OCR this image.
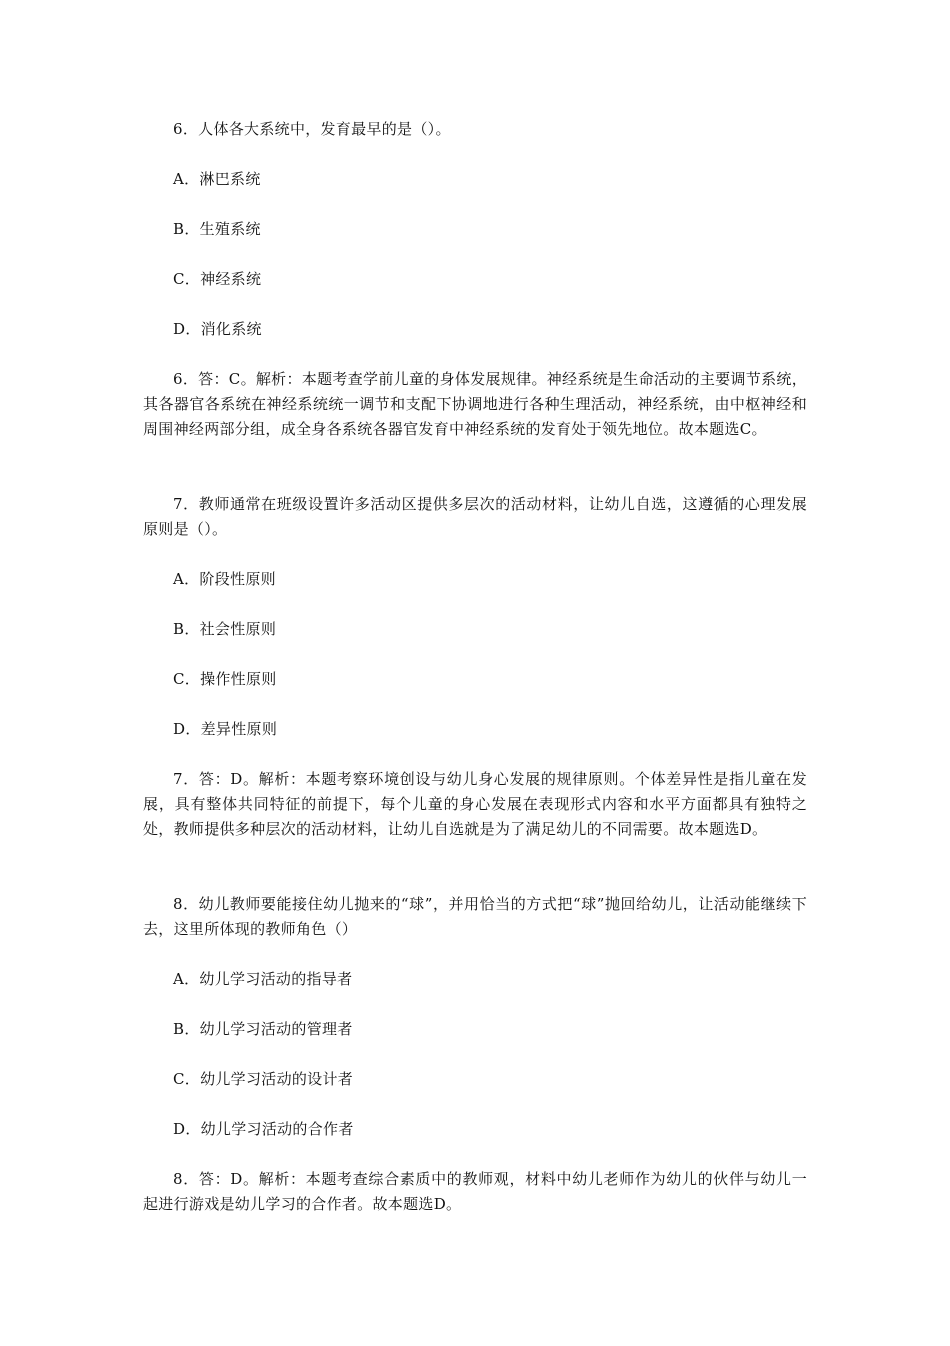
6．人体各大系统中，发育最早的是（）。
A．淋巴系统
B．生殖系统
C．神经系统
D．消化系统
6．答：C。解析：本题考查学前儿童的身体发展规律。神经系统是生命活动的主要调节系统，其各器官各系统在神经系统统一调节和支配下协调地进行各种生理活动，神经系统，由中枢神经和周围神经两部分组，成全身各系统各器官发育中神经系统的发育处于领先地位。故本题选C。
7．教师通常在班级设置许多活动区提供多层次的活动材料，让幼儿自选，这遵循的心理发展原则是（）。
A．阶段性原则
B．社会性原则
C．操作性原则
D．差异性原则
7．答：D。解析：本题考察环境创设与幼儿身心发展的规律原则。个体差异性是指儿童在发展，具有整体共同特征的前提下，每个儿童的身心发展在表现形式内容和水平方面都具有独特之处，教师提供多种层次的活动材料，让幼儿自选就是为了满足幼儿的不同需要。故本题选D。
8．幼儿教师要能接住幼儿抛来的“球”，并用恰当的方式把“球”抛回给幼儿，让活动能继续下去，这里所体现的教师角色（）
A．幼儿学习活动的指导者
B．幼儿学习活动的管理者
C．幼儿学习活动的设计者
D．幼儿学习活动的合作者
8．答：D。解析：本题考查综合素质中的教师观，材料中幼儿老师作为幼儿的伙伴与幼儿一起进行游戏是幼儿学习的合作者。故本题选D。
